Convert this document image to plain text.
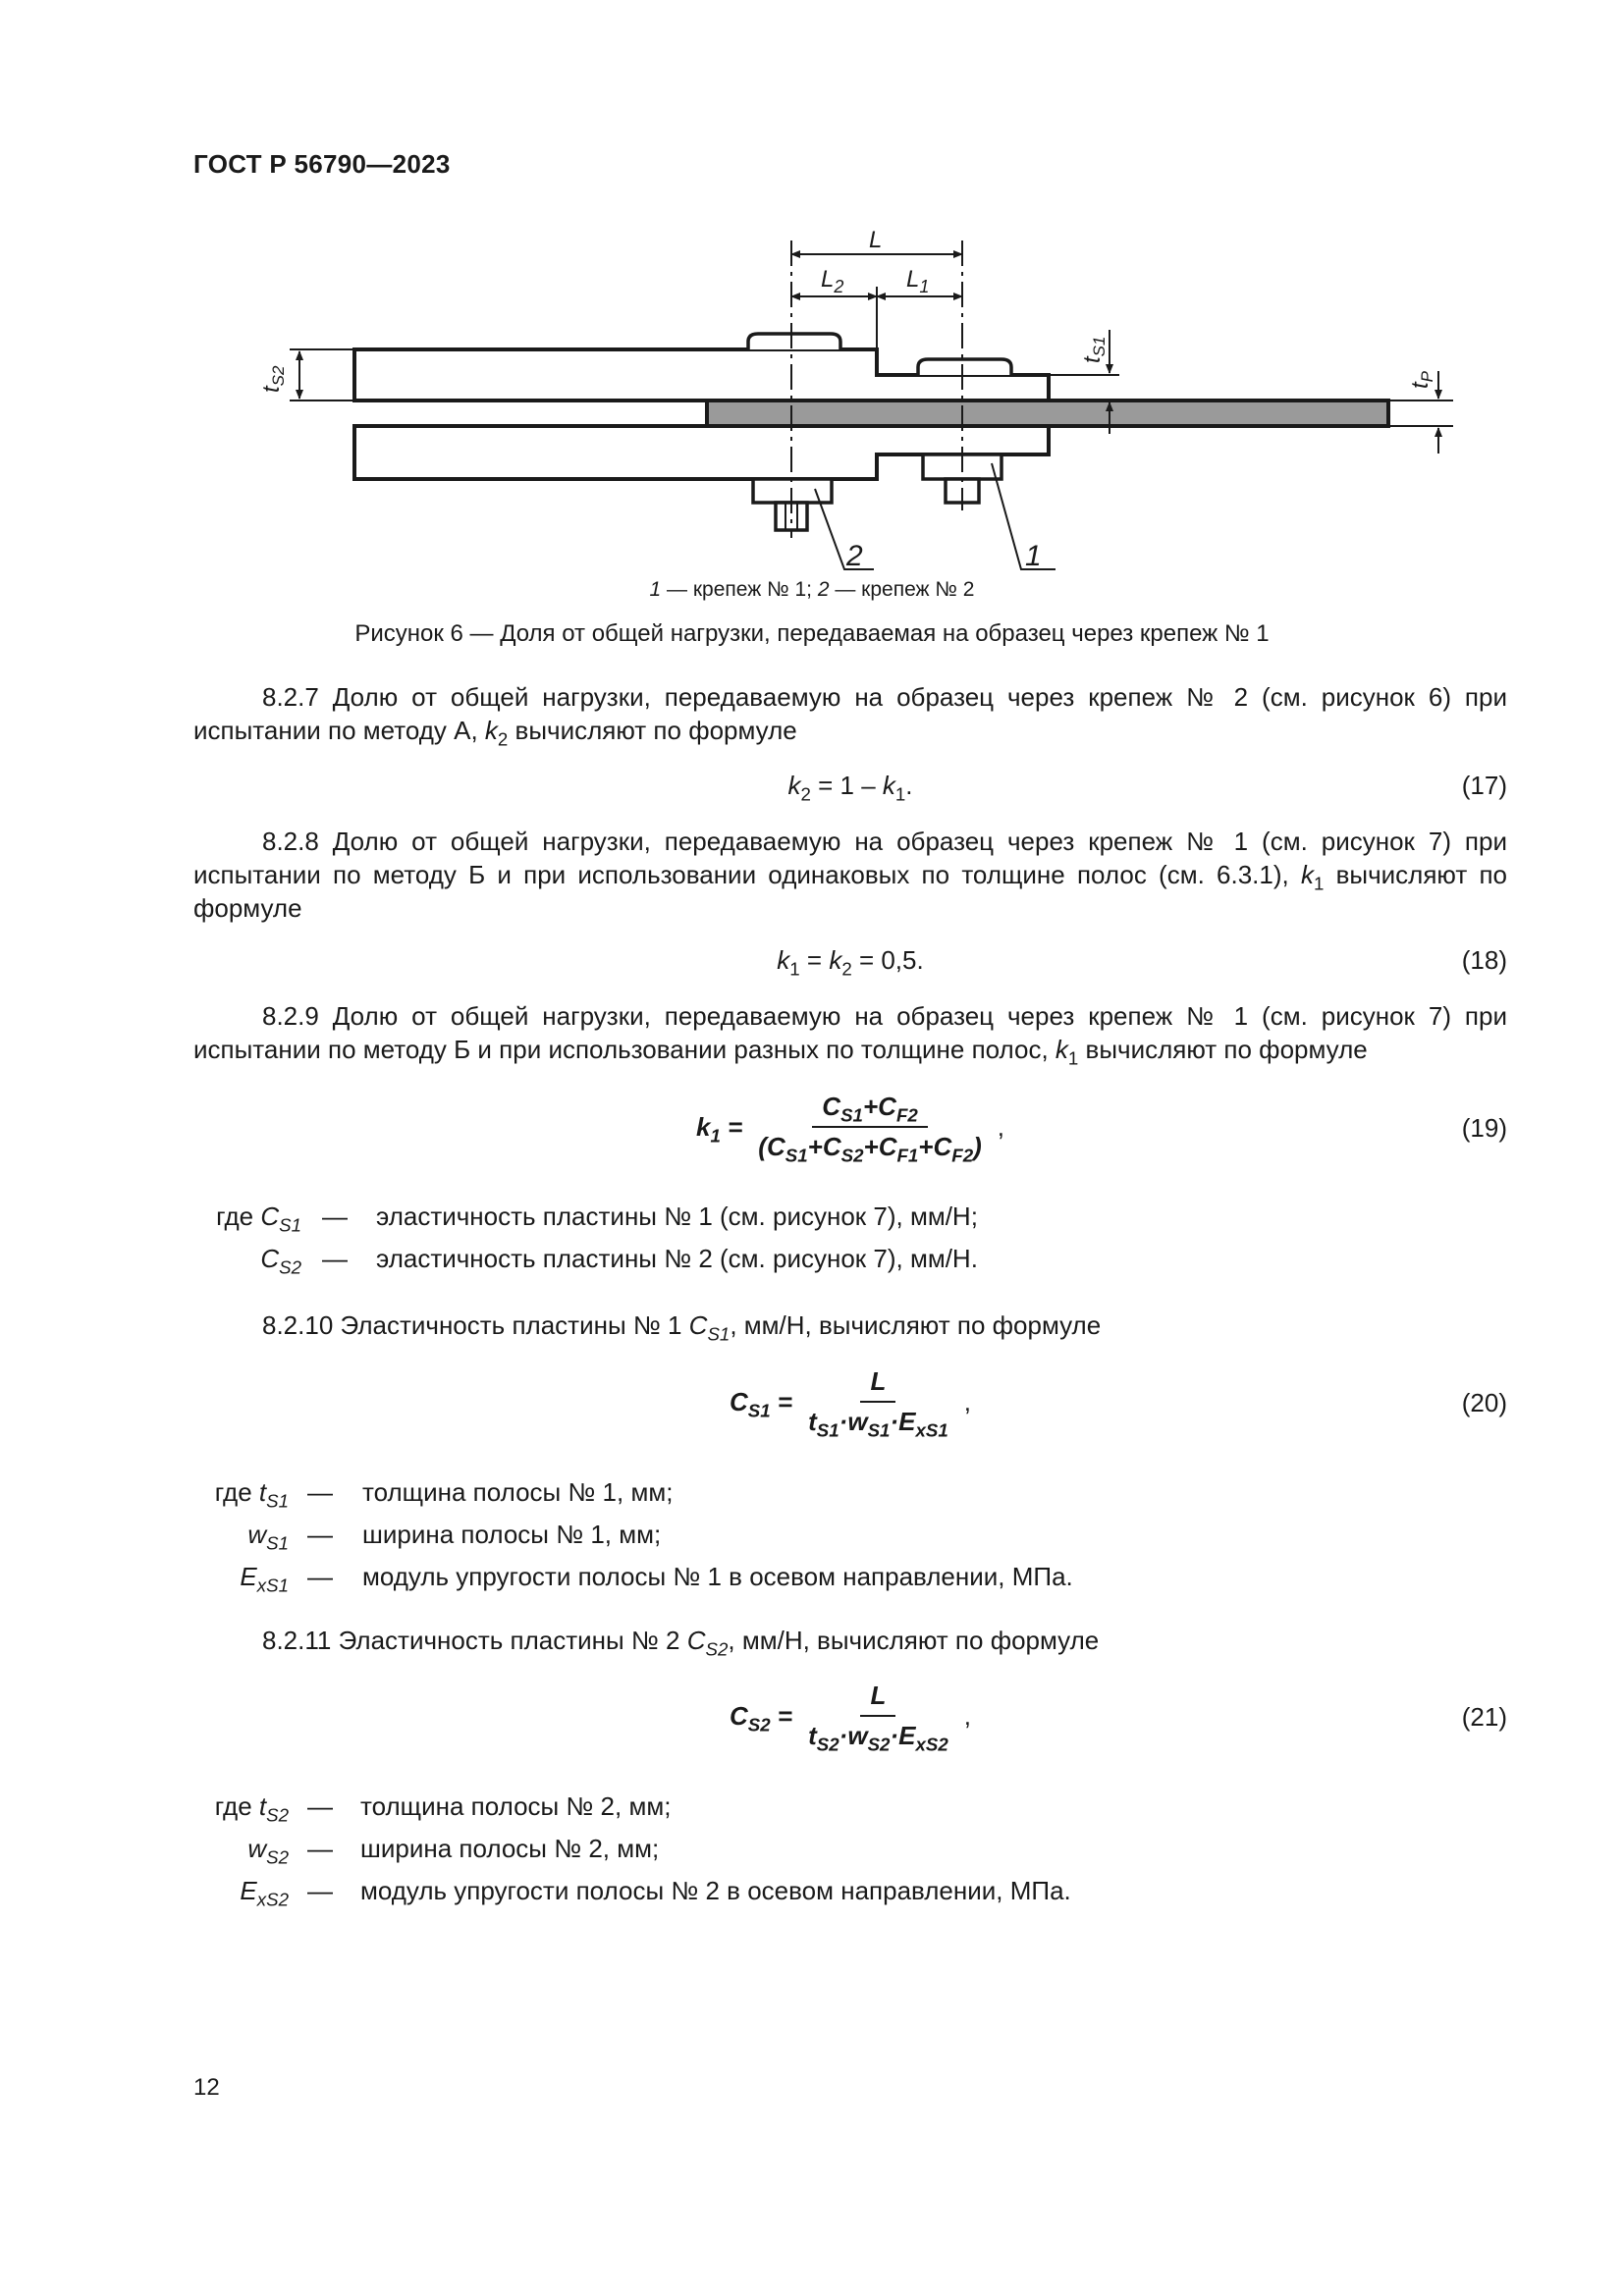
ГОСТ Р 56790—2023
L
$L_2$	$L_1$
$t_{S2}$
$t_{S1}$
$t_P$
2	1
1 — крепеж № 1; 2 — крепеж № 2
Рисунок 6 — Доля от общей нагрузки, передаваемая на образец через крепеж № 1
8.2.7 Долю от общей нагрузки, передаваемую на образец через крепеж № 2 (см. рисунок 6) при испытании по методу А, $k_2$ вычисляют по формуле
$k_2 = 1 - k_1$.	(17)
8.2.8 Долю от общей нагрузки, передаваемую на образец через крепеж № 1 (см. рисунок 7) при испытании по методу Б и при использовании одинаковых по толщине полос (см. 6.3.1), $k_1$ вычисляют по формуле
$k_1 = k_2 = 0,5$.	(18)
8.2.9 Долю от общей нагрузки, передаваемую на образец через крепеж № 1 (см. рисунок 7) при испытании по методу Б и при использовании разных по толщине полос, $k_1$ вычисляют по формуле
$k_1 = \frac{C_{S1}+C_{F2}}{(C_{S1}+C_{S2}+C_{F1}+C_{F2})}$ ,	(19)
где $C_{S1}$ — эластичность пластины № 1 (см. рисунок 7), мм/Н;
$C_{S2}$ — эластичность пластины № 2 (см. рисунок 7), мм/Н.
8.2.10 Эластичность пластины № 1 $C_{S1}$, мм/Н, вычисляют по формуле
$C_{S1} = \frac{L}{t_{S1}\cdot w_{S1}\cdot E_{xS1}}$ ,	(20)
где $t_{S1}$ — толщина полосы № 1, мм;
$w_{S1}$ — ширина полосы № 1, мм;
$E_{xS1}$ — модуль упругости полосы № 1 в осевом направлении, МПа.
8.2.11 Эластичность пластины № 2 $C_{S2}$, мм/Н, вычисляют по формуле
$C_{S2} = \frac{L}{t_{S2}\cdot w_{S2}\cdot E_{xS2}}$ ,	(21)
где $t_{S2}$ — толщина полосы № 2, мм;
$w_{S2}$ — ширина полосы № 2, мм;
$E_{xS2}$ — модуль упругости полосы № 2 в осевом направлении, МПа.
12
